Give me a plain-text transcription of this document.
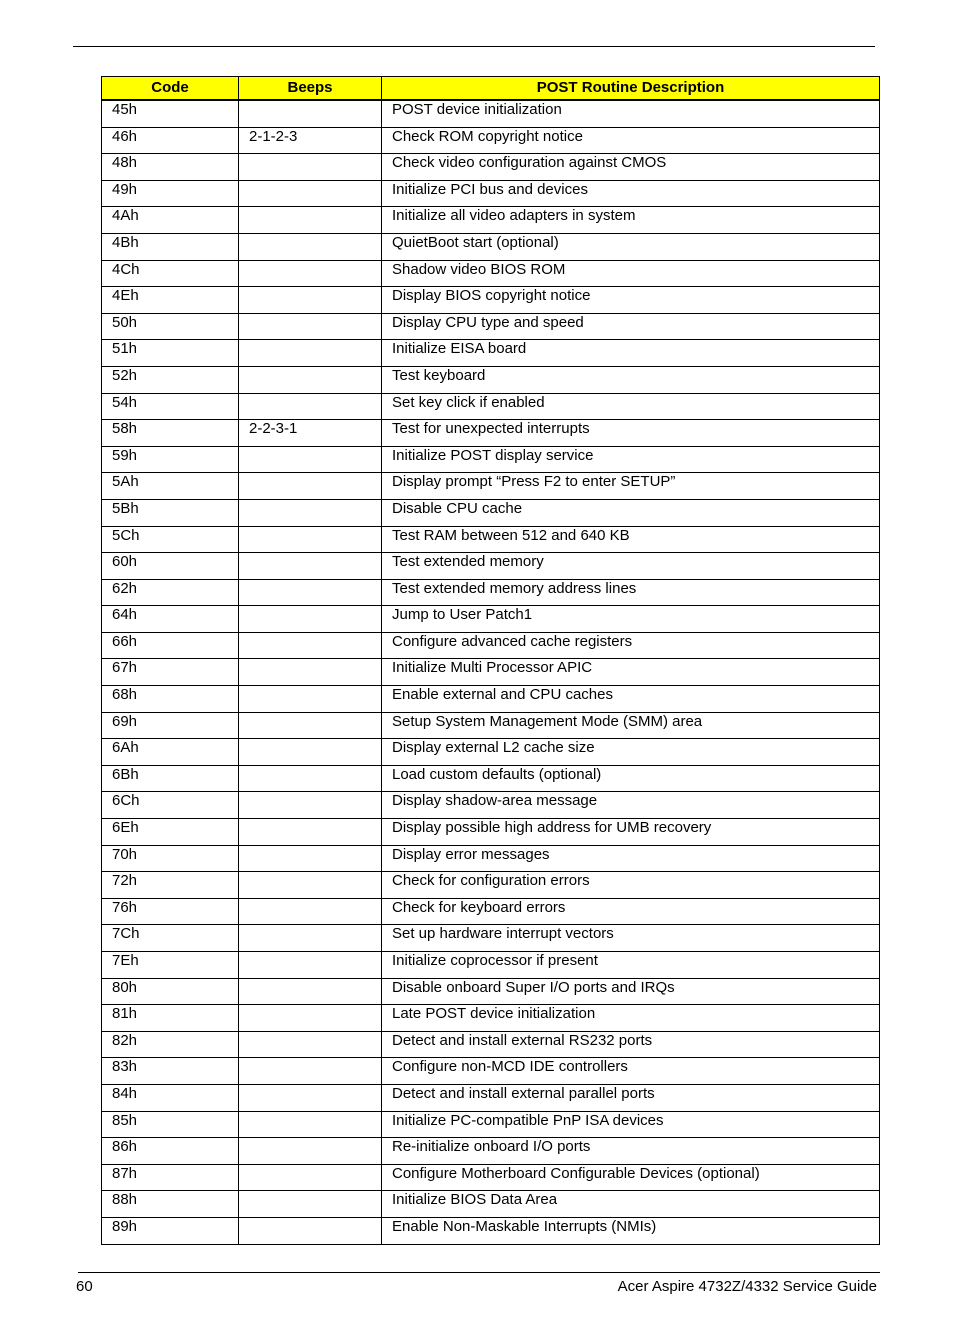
Code	Beeps	POST Routine Description
45h		POST device initialization
46h	2-1-2-3	Check ROM copyright notice
48h		Check video configuration against CMOS
49h		Initialize PCI bus and devices
4Ah		Initialize all video adapters in system
4Bh		QuietBoot start (optional)
4Ch		Shadow video BIOS ROM
4Eh		Display BIOS copyright notice
50h		Display CPU type and speed
51h		Initialize EISA board
52h		Test keyboard
54h		Set key click if enabled
58h	2-2-3-1	Test for unexpected interrupts
59h		Initialize POST display service
5Ah		Display prompt “Press F2 to enter SETUP”
5Bh		Disable CPU cache
5Ch		Test RAM between 512 and 640 KB
60h		Test extended memory
62h		Test extended memory address lines
64h		Jump to User Patch1
66h		Configure advanced cache registers
67h		Initialize Multi Processor APIC
68h		Enable external and CPU caches
69h		Setup System Management Mode (SMM) area
6Ah		Display external L2 cache size
6Bh		Load custom defaults (optional)
6Ch		Display shadow-area message
6Eh		Display possible high address for UMB recovery
70h		Display error messages
72h		Check for configuration errors
76h		Check for keyboard errors
7Ch		Set up hardware interrupt vectors
7Eh		Initialize coprocessor if present
80h		Disable onboard Super I/O ports and IRQs
81h		Late POST device initialization
82h		Detect and install external RS232 ports
83h		Configure non-MCD IDE controllers
84h		Detect and install external parallel ports
85h		Initialize PC-compatible PnP ISA devices
86h		Re-initialize onboard I/O ports
87h		Configure Motherboard Configurable Devices (optional)
88h		Initialize BIOS Data Area
89h		Enable Non-Maskable Interrupts (NMIs)
60	Acer Aspire 4732Z/4332 Service Guide
